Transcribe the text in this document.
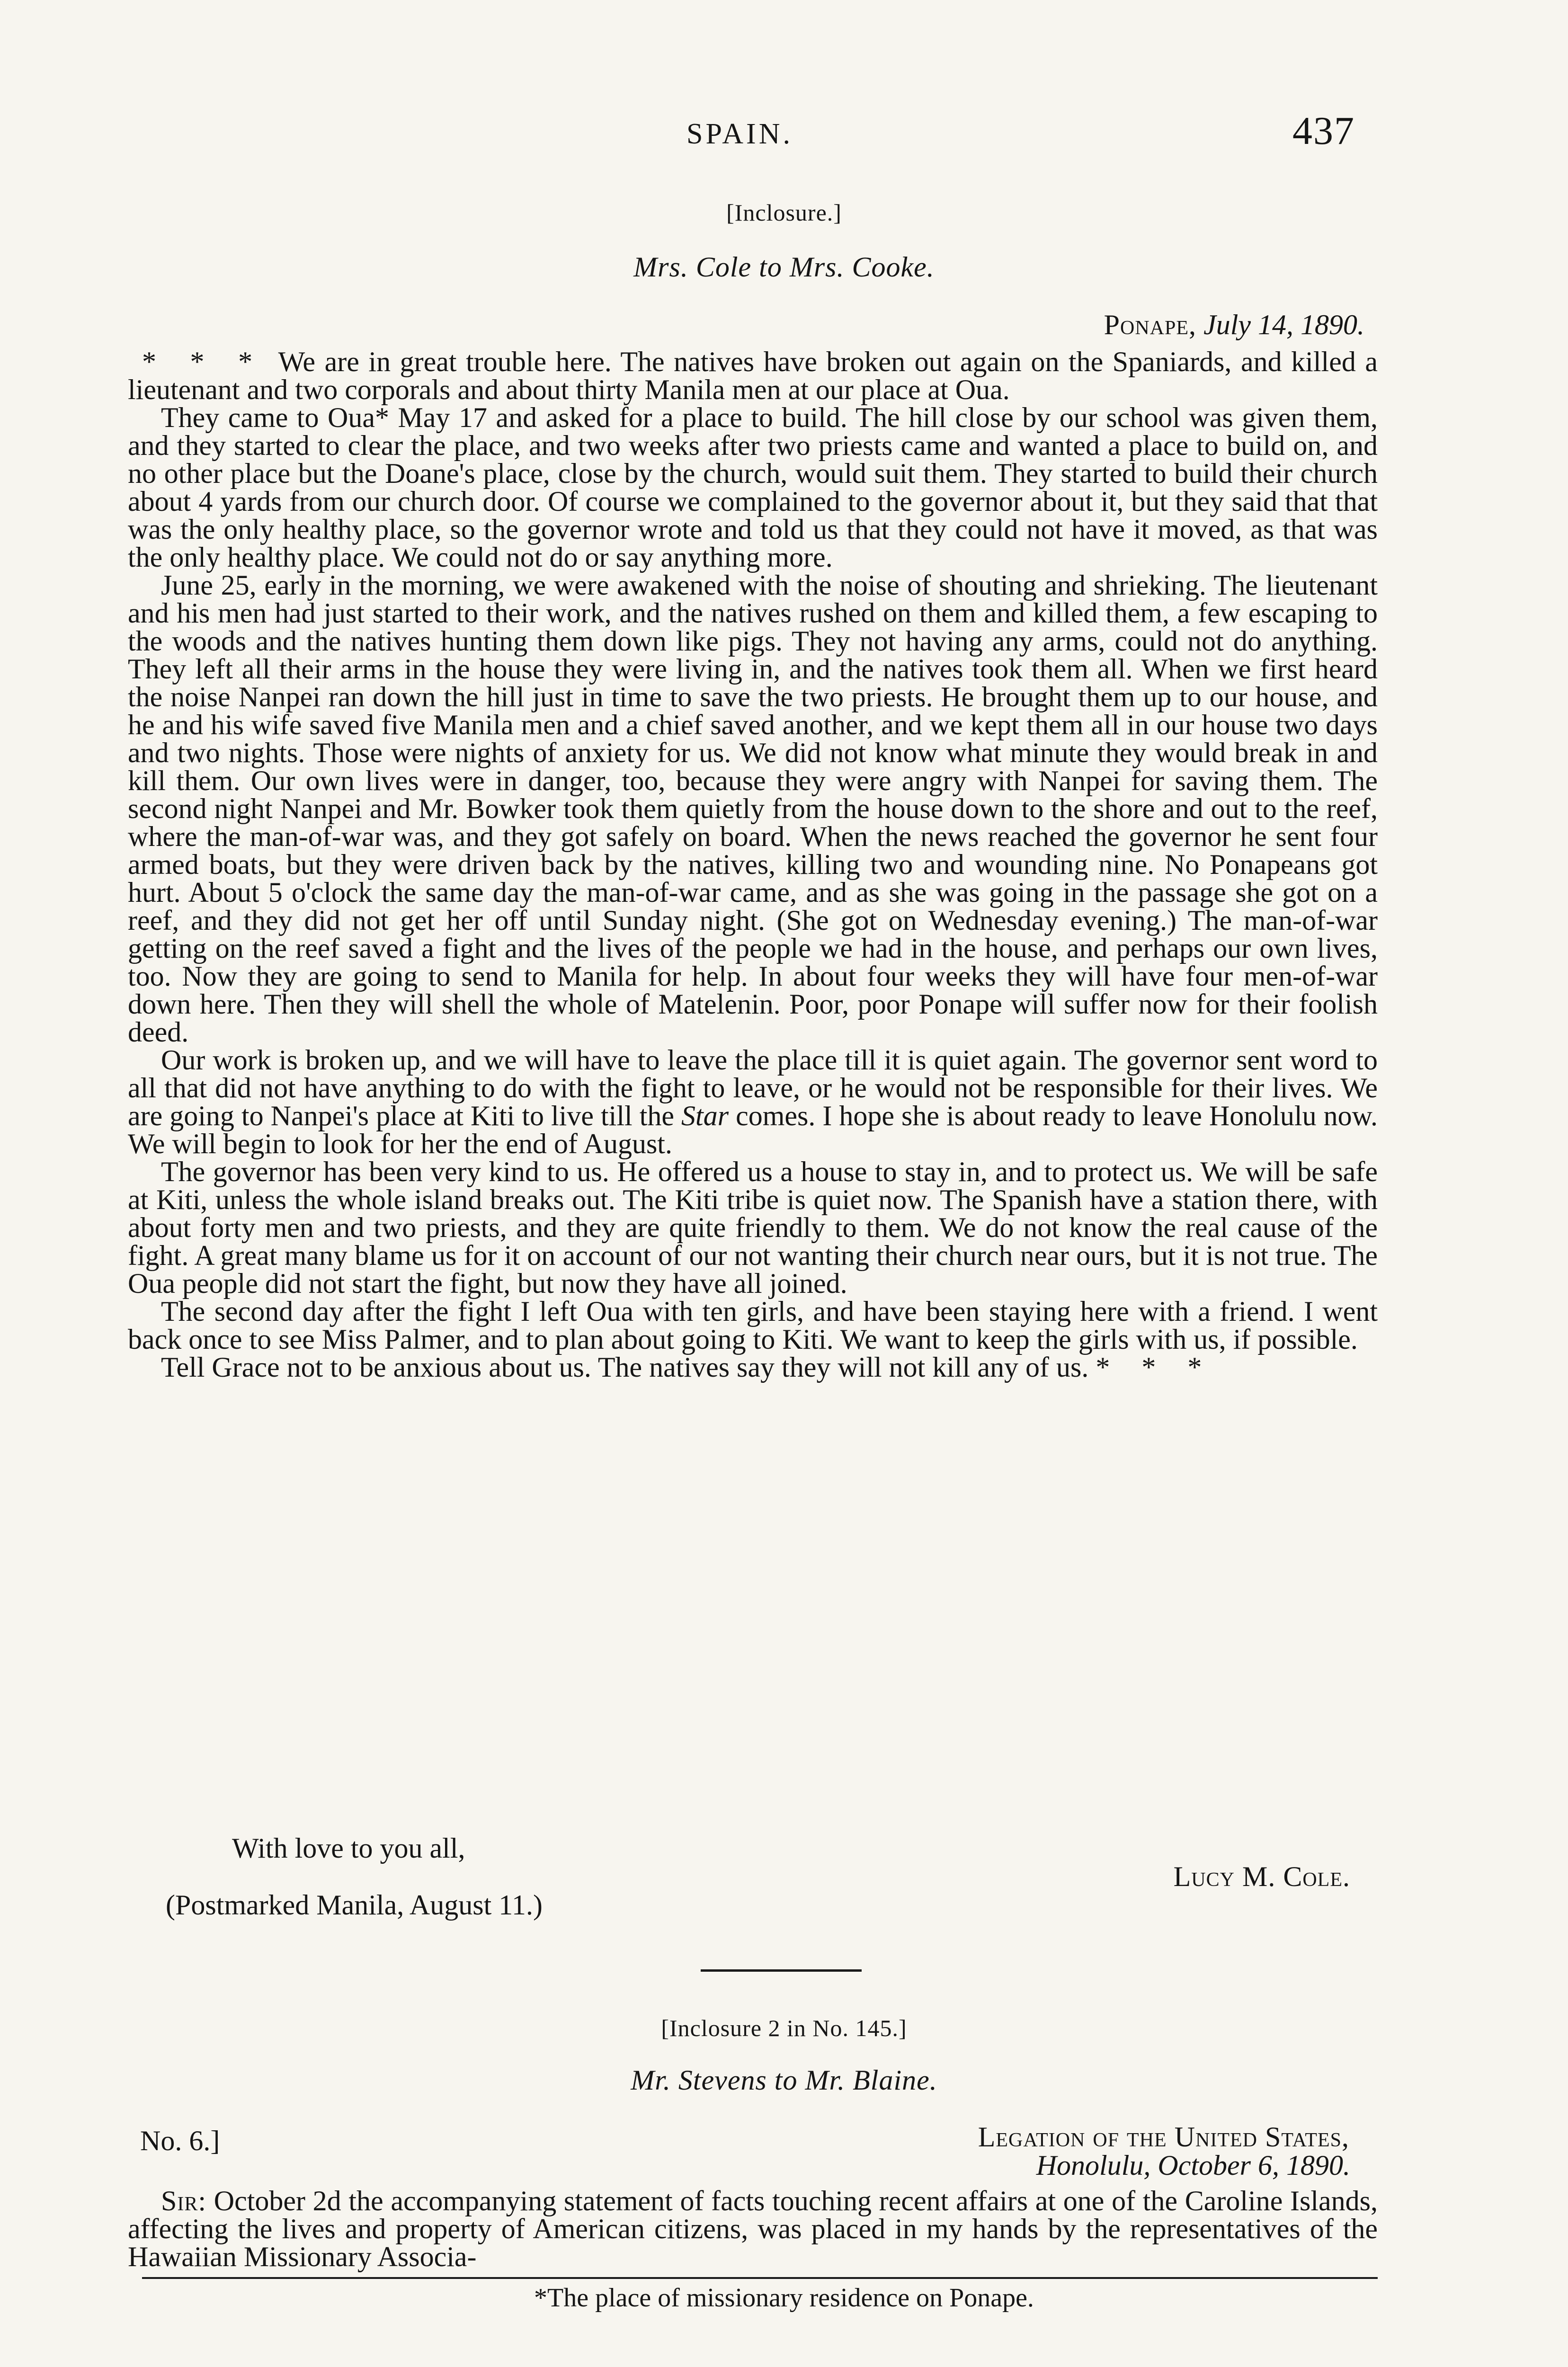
SPAIN.	437
[Inclosure.]
Mrs. Cole to Mrs. Cooke.
Ponape, July 14, 1890.

* * * We are in great trouble here. The natives have broken out again on the Spaniards, and killed a lieutenant and two corporals and about thirty Manila men at our place at Oua.

They came to Oua* May 17 and asked for a place to build. The hill close by our school was given them, and they started to clear the place, and two weeks after two priests came and wanted a place to build on, and no other place but the Doane's place, close by the church, would suit them. They started to build their church about 4 yards from our church door. Of course we complained to the governor about it, but they said that that was the only healthy place, so the governor wrote and told us that they could not have it moved, as that was the only healthy place. We could not do or say anything more.

June 25, early in the morning, we were awakened with the noise of shouting and shrieking. The lieutenant and his men had just started to their work, and the natives rushed on them and killed them, a few escaping to the woods and the natives hunting them down like pigs. They not having any arms, could not do anything. They left all their arms in the house they were living in, and the natives took them all. When we first heard the noise Nanpei ran down the hill just in time to save the two priests. He brought them up to our house, and he and his wife saved five Manila men and a chief saved another, and we kept them all in our house two days and two nights. Those were nights of anxiety for us. We did not know what minute they would break in and kill them. Our own lives were in danger, too, because they were angry with Nanpei for saving them. The second night Nanpei and Mr. Bowker took them quietly from the house down to the shore and out to the reef, where the man-of-war was, and they got safely on board. When the news reached the governor he sent four armed boats, but they were driven back by the natives, killing two and wounding nine. No Ponapeans got hurt. About 5 o'clock the same day the man-of-war came, and as she was going in the passage she got on a reef, and they did not get her off until Sunday night. (She got on Wednesday evening.) The man-of-war getting on the reef saved a fight and the lives of the people we had in the house, and perhaps our own lives, too. Now they are going to send to Manila for help. In about four weeks they will have four men-of-war down here. Then they will shell the whole of Matelenin. Poor, poor Ponape will suffer now for their foolish deed.

Our work is broken up, and we will have to leave the place till it is quiet again. The governor sent word to all that did not have anything to do with the fight to leave, or he would not be responsible for their lives. We are going to Nanpei's place at Kiti to live till the Star comes. I hope she is about ready to leave Honolulu now. We will begin to look for her the end of August.

The governor has been very kind to us. He offered us a house to stay in, and to protect us. We will be safe at Kiti, unless the whole island breaks out. The Kiti tribe is quiet now. The Spanish have a station there, with about forty men and two priests, and they are quite friendly to them. We do not know the real cause of the fight. A great many blame us for it on account of our not wanting their church near ours, but it is not true. The Oua people did not start the fight, but now they have all joined.

The second day after the fight I left Oua with ten girls, and have been staying here with a friend. I went back once to see Miss Palmer, and to plan about going to Kiti. We want to keep the girls with us, if possible.

Tell Grace not to be anxious about us. The natives say they will not kill any of us. * * *

With love to you all,
Lucy M. Cole.
(Postmarked Manila, August 11.)
[Inclosure 2 in No. 145.]
Mr. Stevens to Mr. Blaine.
No. 6.]	Legation of the United States,
Honolulu, October 6, 1890.

Sir: October 2d the accompanying statement of facts touching recent affairs at one of the Caroline Islands, affecting the lives and property of American citizens, was placed in my hands by the representatives of the Hawaiian Missionary Associa-

*The place of missionary residence on Ponape.
